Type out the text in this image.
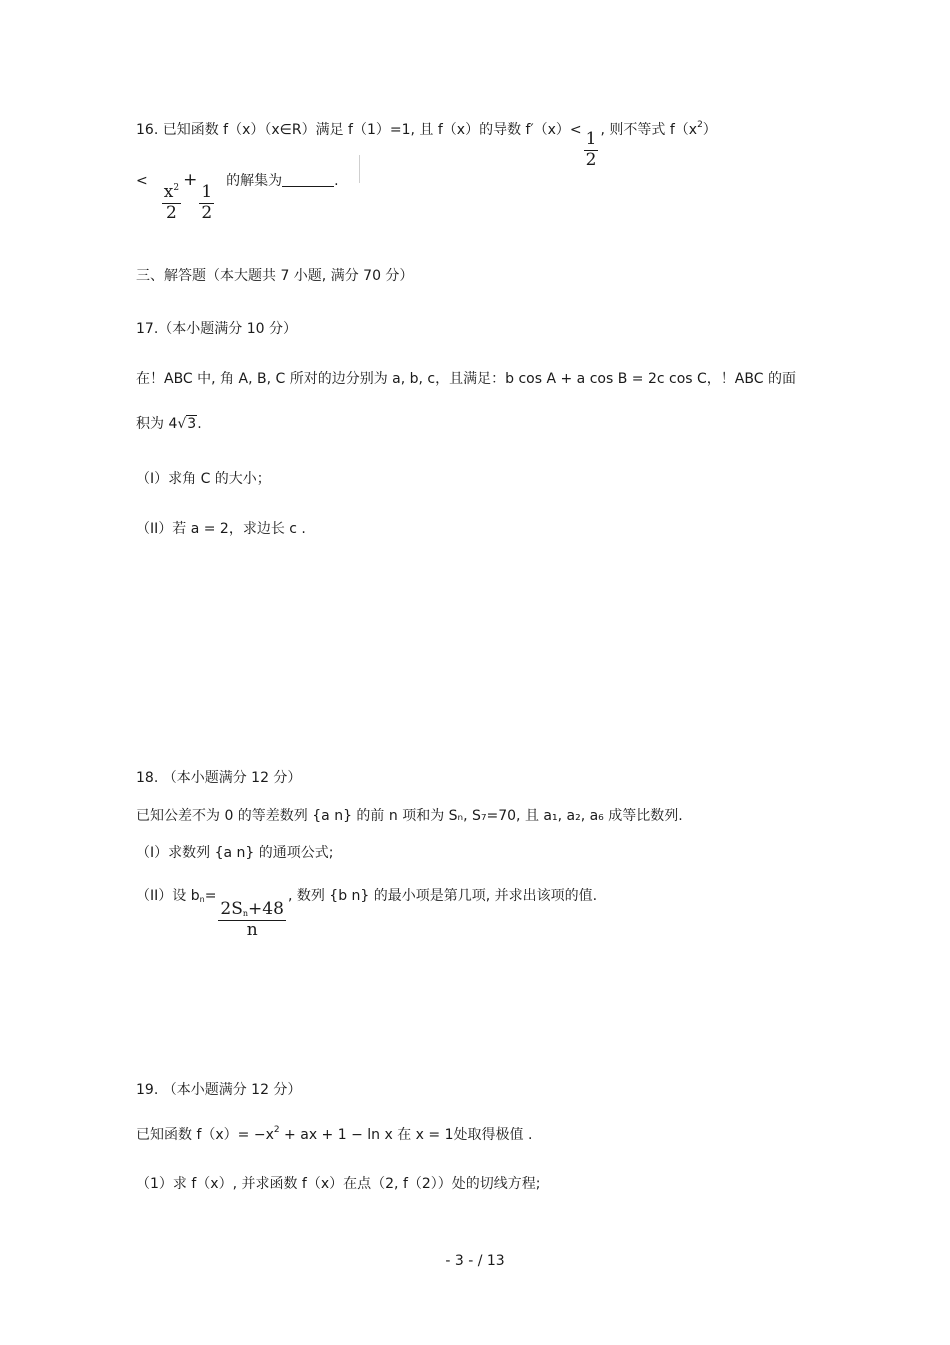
16. 已知函数 f（x）（x∈R）满足 f（1）=1, 且 f（x）的导数 $f'(x)< \frac{1}{2}$ , 则不等式 $f(x^2)$
<
$\frac{x^2}{2}$
+
$\frac{1}{2}$
的解集为	.
三、解答题（本大题共 7 小题, 满分 70 分）
17.（本小题满分 10 分）
在！ABC 中, 角 A, B, C 所对的边分别为 a, b, c，且满足：b cos A + a cos B = 2c cos C，！ABC 的面
积为 4√3.
（I）求角 C 的大小；
（II）若 a = 2，求边长 c .
18. （本小题满分 12 分）
已知公差不为 0 的等差数列 {a n} 的前 n 项和为 Sₙ, S₇=70, 且 a₁, a₂, a₆ 成等比数列.
（I）求数列 {a n} 的通项公式;
（II）设 $b_n=$
$\frac{2S_n+48}{n}$
, 数列 {b n} 的最小项是第几项, 并求出该项的值.
19. （本小题满分 12 分）
已知函数 $f(x)= -x^2$ + ax + 1 − ln x 在 x = 1处取得极值 .
（1）求 f（x）, 并求函数 f（x）在点（2, f（2））处的切线方程;
- 3 - / 13
